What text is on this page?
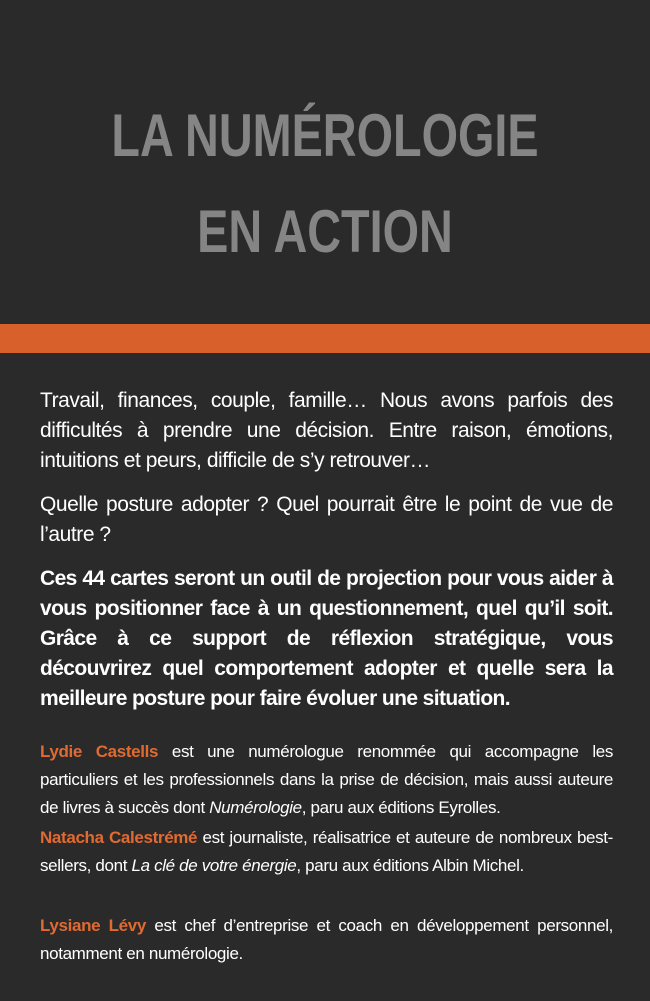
LA NUMÉROLOGIE
EN ACTION

Travail, finances, couple, famille… Nous avons parfois des difficultés à prendre une décision. Entre raison, émotions, intuitions et peurs, difficile de s’y retrouver…

Quelle posture adopter ? Quel pourrait être le point de vue de l’autre ?

Ces 44 cartes seront un outil de projection pour vous aider à vous positionner face à un questionnement, quel qu’il soit. Grâce à ce support de réflexion stratégique, vous découvrirez quel comportement adopter et quelle sera la meilleure posture pour faire évoluer une situation.

Lydie Castells est une numérologue renommée qui accompagne les particuliers et les professionnels dans la prise de décision, mais aussi auteure de livres à succès dont Numérologie, paru aux éditions Eyrolles.

Natacha Calestrémé est journaliste, réalisatrice et auteure de nombreux best-sellers, dont La clé de votre énergie, paru aux éditions Albin Michel.

Lysiane Lévy est chef d’entreprise et coach en développement personnel, notamment en numérologie.
